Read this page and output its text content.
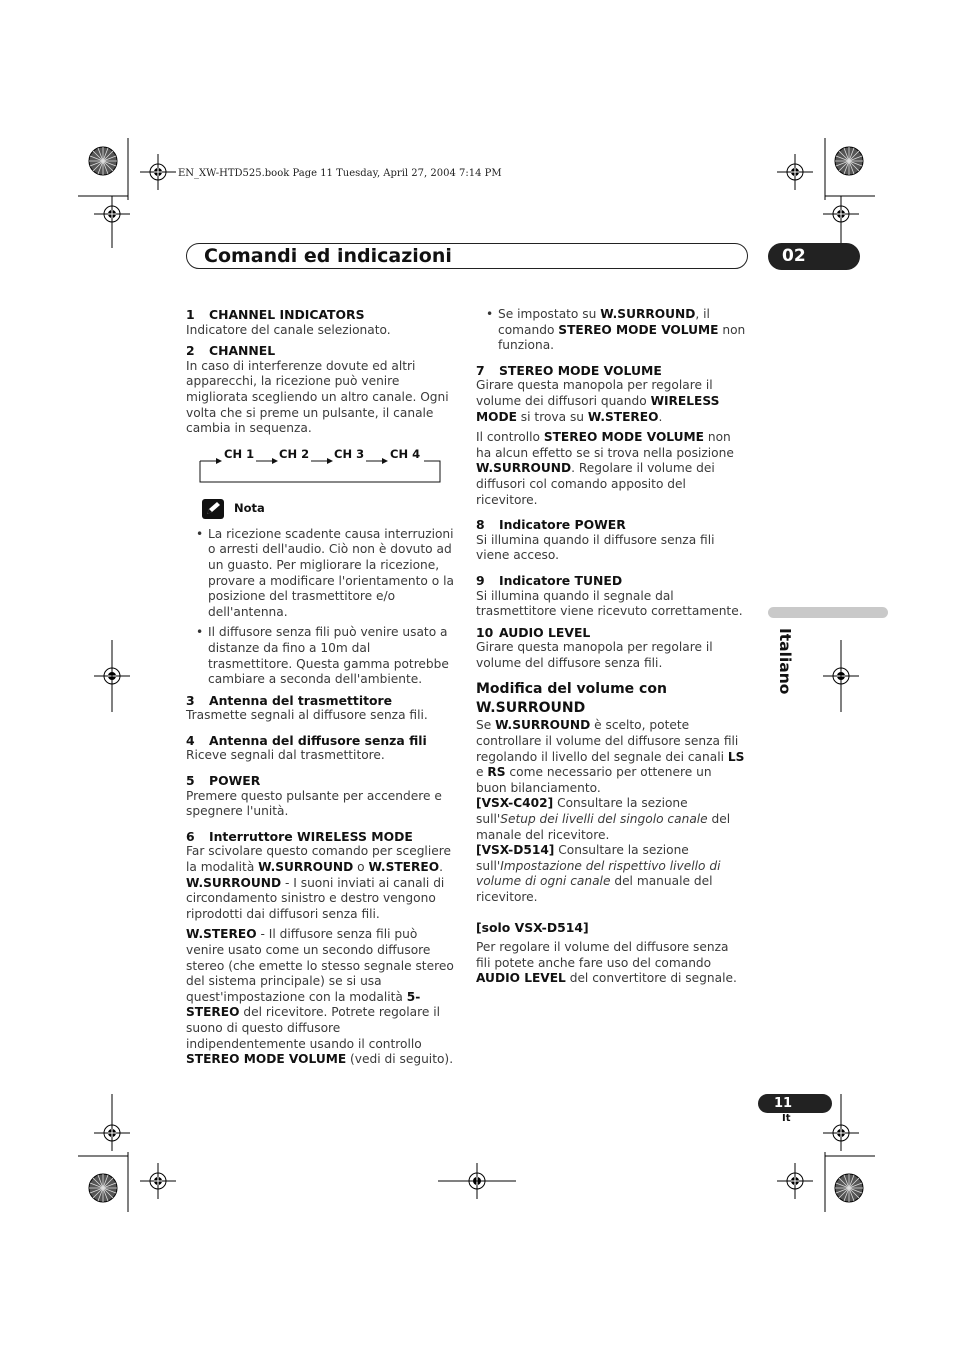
EN_XW-HTD525.book Page 11 Tuesday, April 27, 2004 7:14 PM
Comandi ed indicazioni	02
1 CHANNEL INDICATORS

Indicatore del canale selezionato.

2 CHANNEL

In caso di interferenze dovute ed altri apparecchi, la ricezione può venire migliorata scegliendo un altro canale. Ogni volta che si preme un pulsante, il canale cambia in sequenza.

CH 1 CH 2 CH 3 CH 4
Nota

• La ricezione scadente causa interruzioni o arresti dell'audio. Ciò non è dovuto ad un guasto. Per migliorare la ricezione, provare a modificare l'orientamento o la posizione del trasmettitore e/o dell'antenna.

• Il diffusore senza fili può venire usato a distanze da fino a 10m dal trasmettitore. Questa gamma potrebbe cambiare a seconda dell'ambiente.

3 Antenna del trasmettitore

Trasmette segnali al diffusore senza fili.

4 Antenna del diffusore senza fili

Riceve segnali dal trasmettitore.

5 POWER

Premere questo pulsante per accendere e spegnere l'unità.

6 Interruttore WIRELESS MODE

Far scivolare questo comando per scegliere la modalità W.SURROUND o W.STEREO.

W.SURROUND - I suoni inviati ai canali di circondamento sinistro e destro vengono riprodotti dai diffusori senza fili.

W.STEREO - Il diffusore senza fili può venire usato come un secondo diffusore stereo (che emette lo stesso segnale stereo del sistema principale) se si usa quest'impostazione con la modalità 5-STEREO del ricevitore. Potrete regolare il suono di questo diffusore indipendentemente usando il controllo STEREO MODE VOLUME (vedi di seguito).

• Se impostato su W.SURROUND, il comando STEREO MODE VOLUME non funziona.

7 STEREO MODE VOLUME

Girare questa manopola per regolare il volume dei diffusori quando WIRELESS MODE si trova su W.STEREO.

Il controllo STEREO MODE VOLUME non ha alcun effetto se si trova nella posizione W.SURROUND. Regolare il volume dei diffusori col comando apposito del ricevitore.

8 Indicatore POWER

Si illumina quando il diffusore senza fili viene acceso.

9 Indicatore TUNED

Si illumina quando il segnale dal trasmettitore viene ricevuto correttamente.

10 AUDIO LEVEL

Girare questa manopola per regolare il volume del diffusore senza fili.

Modifica del volume con W.SURROUND

Se W.SURROUND è scelto, potete controllare il volume del diffusore senza fili regolando il livello del segnale dei canali LS e RS come necessario per ottenere un buon bilanciamento.

[VSX-C402] Consultare la sezione sull'Setup dei livelli del singolo canale del manale del ricevitore.

[VSX-D514] Consultare la sezione sull'Impostazione del rispettivo livello di volume di ogni canale del manuale del ricevitore.

[solo VSX-D514]

Per regolare il volume del diffusore senza fili potete anche fare uso del comando AUDIO LEVEL del convertitore di segnale.

Italiano
11
It
